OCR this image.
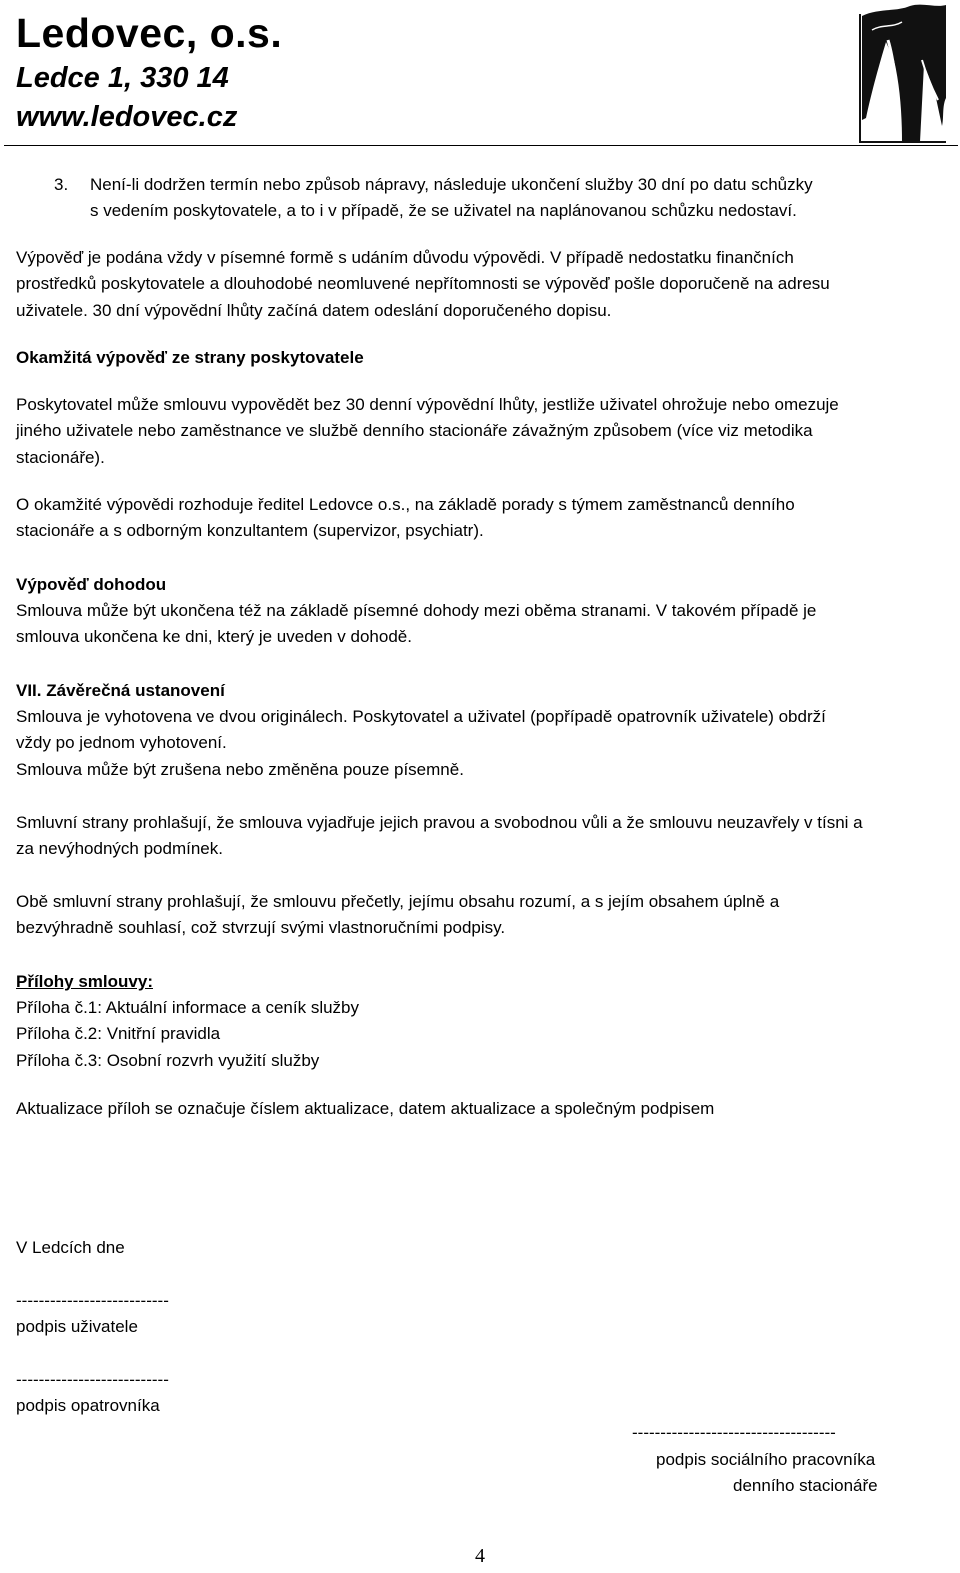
Ledovec, o.s.
Ledce 1, 330 14
www.ledovec.cz
3. Není-li dodržen termín nebo způsob nápravy, následuje ukončení služby 30 dní po datu schůzky
s vedením poskytovatele, a to i v případě, že se uživatel na naplánovanou schůzku nedostaví.
Výpověď je podána vždy v písemné formě s udáním důvodu výpovědi. V případě nedostatku finančních
prostředků poskytovatele a dlouhodobé neomluvené nepřítomnosti se výpověď pošle doporučeně na adresu
uživatele. 30 dní výpovědní lhůty začíná datem odeslání doporučeného dopisu.
Okamžitá výpověď ze strany poskytovatele
Poskytovatel může smlouvu vypovědět bez 30 denní výpovědní lhůty, jestliže uživatel ohrožuje nebo omezuje
jiného uživatele nebo zaměstnance ve službě denního stacionáře závažným způsobem (více viz metodika
stacionáře).
O okamžité výpovědi rozhoduje ředitel Ledovce o.s., na základě porady s týmem zaměstnanců denního
stacionáře a s odborným konzultantem (supervizor, psychiatr).
Výpověď dohodou
Smlouva může být ukončena též na základě písemné dohody mezi oběma stranami. V takovém případě je
smlouva ukončena ke dni, který je uveden v dohodě.
VII. Závěrečná ustanovení
Smlouva je vyhotovena ve dvou originálech. Poskytovatel a uživatel (popřípadě opatrovník uživatele) obdrží
vždy po jednom vyhotovení.
Smlouva může být zrušena nebo změněna pouze písemně.
Smluvní strany prohlašují, že smlouva vyjadřuje jejich pravou a svobodnou vůli a že smlouvu neuzavřely v tísni a
za nevýhodných podmínek.
Obě smluvní strany prohlašují, že smlouvu přečetly, jejímu obsahu rozumí, a s jejím obsahem úplně a
bezvýhradně souhlasí, což stvrzují svými vlastnoručními podpisy.
Přílohy smlouvy:
Příloha č.1: Aktuální informace a ceník služby
Příloha č.2: Vnitřní pravidla
Příloha č.3: Osobní rozvrh využití služby
Aktualizace příloh se označuje číslem aktualizace, datem aktualizace a společným podpisem
V Ledcích dne
---------------------------
podpis uživatele
---------------------------
podpis opatrovníka
------------------------------------
podpis sociálního pracovníka
denního stacionáře
4
